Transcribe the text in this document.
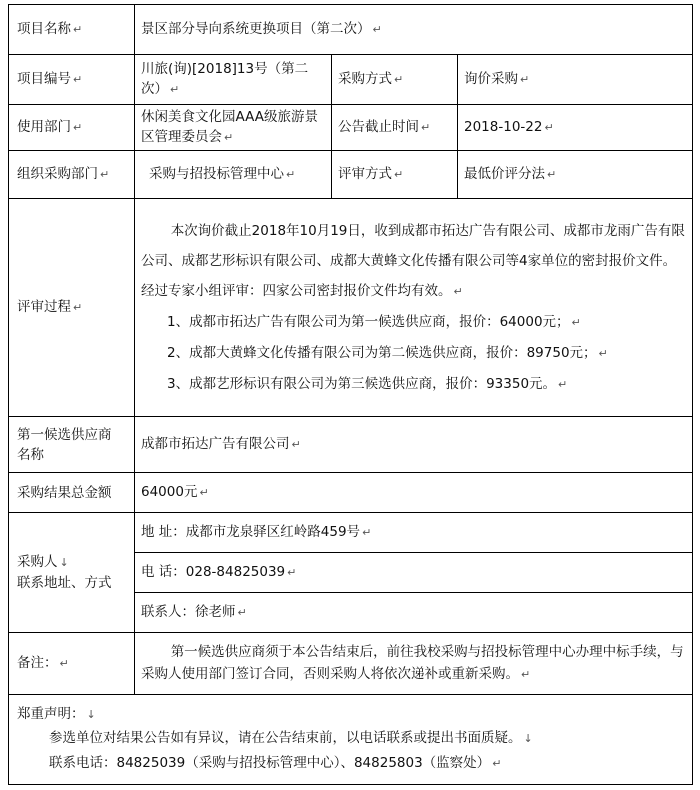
项目名称 ↵	景区部分导向系统更换项目（第二次） ↵		
项目编号 ↵	川旅(询)[2018]13号（第二次） ↵	采购方式 ↵	询价采购 ↵
使用部门 ↵	休闲美食文化园AAA级旅游景区管理委员会 ↵	公告截止时间 ↵	2018-10-22 ↵
组织采购部门 ↵	采购与招投标管理中心 ↵	评审方式 ↵	最低价评分法 ↵
评审过程 ↵	本次询价截止2018年10月19日，收到成都市拓达广告有限公司、成都市龙雨广告有限公司、成都艺形标识有限公司、成都大黄蜂文化传播有限公司等4家单位的密封报价文件。经过专家小组评审：四家公司密封报价文件均有效。 ↵

1、成都市拓达广告有限公司为第一候选供应商，报价：64000元； ↵

2、成都大黄蜂文化传播有限公司为第二候选供应商，报价：89750元； ↵

3、成都艺形标识有限公司为第三候选供应商，报价：93350元。 ↵		

第一候选供应商
名称	成都市拓达广告有限公司 ↵		
采购结果总金额	64000元 ↵		

采购人 ↓
联系地址、方式	地 址：成都市龙泉驿区红岭路459号 ↵		
	电 话：028-84825039 ↵		
	联系人：徐老师 ↵		
备注： ↵	第一候选供应商须于本公告结束后，前往我校采购与招投标管理中心办理中标手续，与采购人使用部门签订合同，否则采购人将依次递补或重新采购。 ↵		

郑重声明： ↓
参选单位对结果公告如有异议，请在公告结束前，以电话联系或提出书面质疑。 ↓
联系电话：84825039（采购与招投标管理中心）、84825803（监察处） ↵			
